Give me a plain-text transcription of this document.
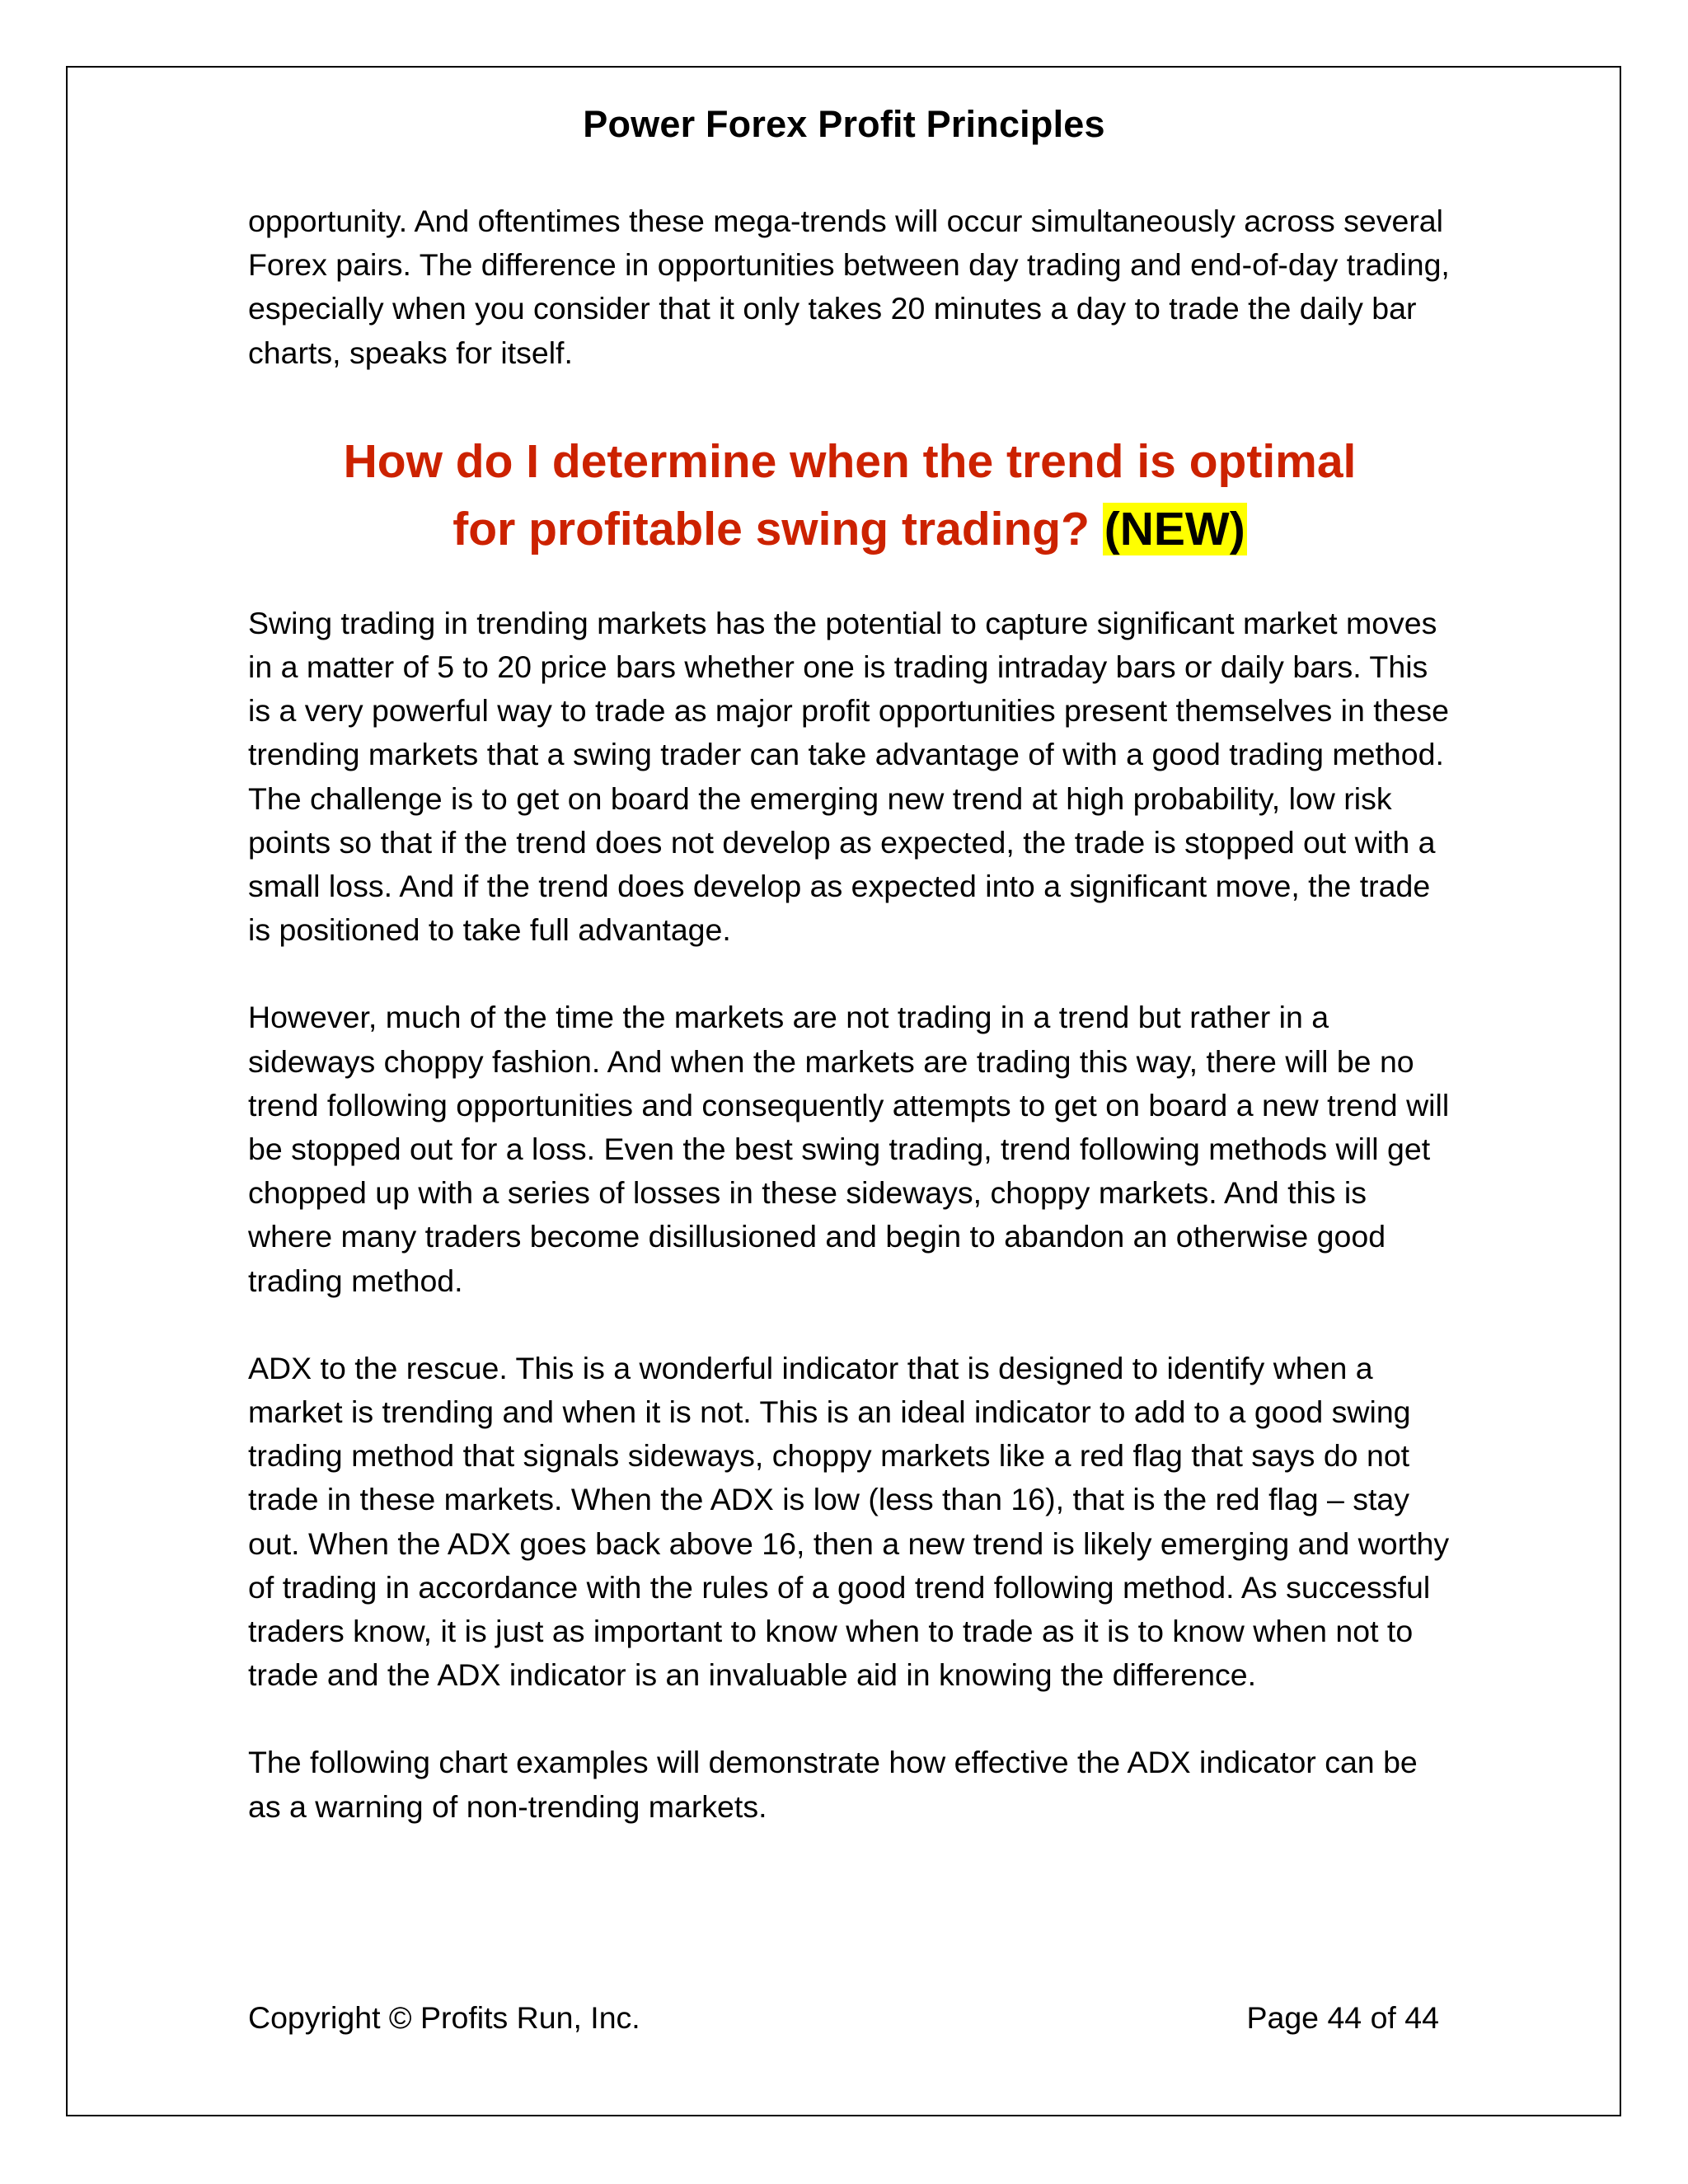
Power Forex Profit Principles

opportunity. And oftentimes these mega-trends will occur simultaneously across several Forex pairs. The difference in opportunities between day trading and end-of-day trading, especially when you consider that it only takes 20 minutes a day to trade the daily bar charts, speaks for itself.

How do I determine when the trend is optimal
for profitable swing trading? (NEW)

Swing trading in trending markets has the potential to capture significant market moves in a matter of 5 to 20 price bars whether one is trading intraday bars or daily bars. This is a very powerful way to trade as major profit opportunities present themselves in these trending markets that a swing trader can take advantage of with a good trading method. The challenge is to get on board the emerging new trend at high probability, low risk points so that if the trend does not develop as expected, the trade is stopped out with a small loss. And if the trend does develop as expected into a significant move, the trade is positioned to take full advantage.

However, much of the time the markets are not trading in a trend but rather in a sideways choppy fashion. And when the markets are trading this way, there will be no trend following opportunities and consequently attempts to get on board a new trend will be stopped out for a loss. Even the best swing trading, trend following methods will get chopped up with a series of losses in these sideways, choppy markets. And this is where many traders become disillusioned and begin to abandon an otherwise good trading method.

ADX to the rescue. This is a wonderful indicator that is designed to identify when a market is trending and when it is not. This is an ideal indicator to add to a good swing trading method that signals sideways, choppy markets like a red flag that says do not trade in these markets. When the ADX is low (less than 16), that is the red flag – stay out. When the ADX goes back above 16, then a new trend is likely emerging and worthy of trading in accordance with the rules of a good trend following method. As successful traders know, it is just as important to know when to trade as it is to know when not to trade and the ADX indicator is an invaluable aid in knowing the difference.

The following chart examples will demonstrate how effective the ADX indicator can be as a warning of non-trending markets.

Copyright © Profits Run, Inc.	Page 44 of 44
